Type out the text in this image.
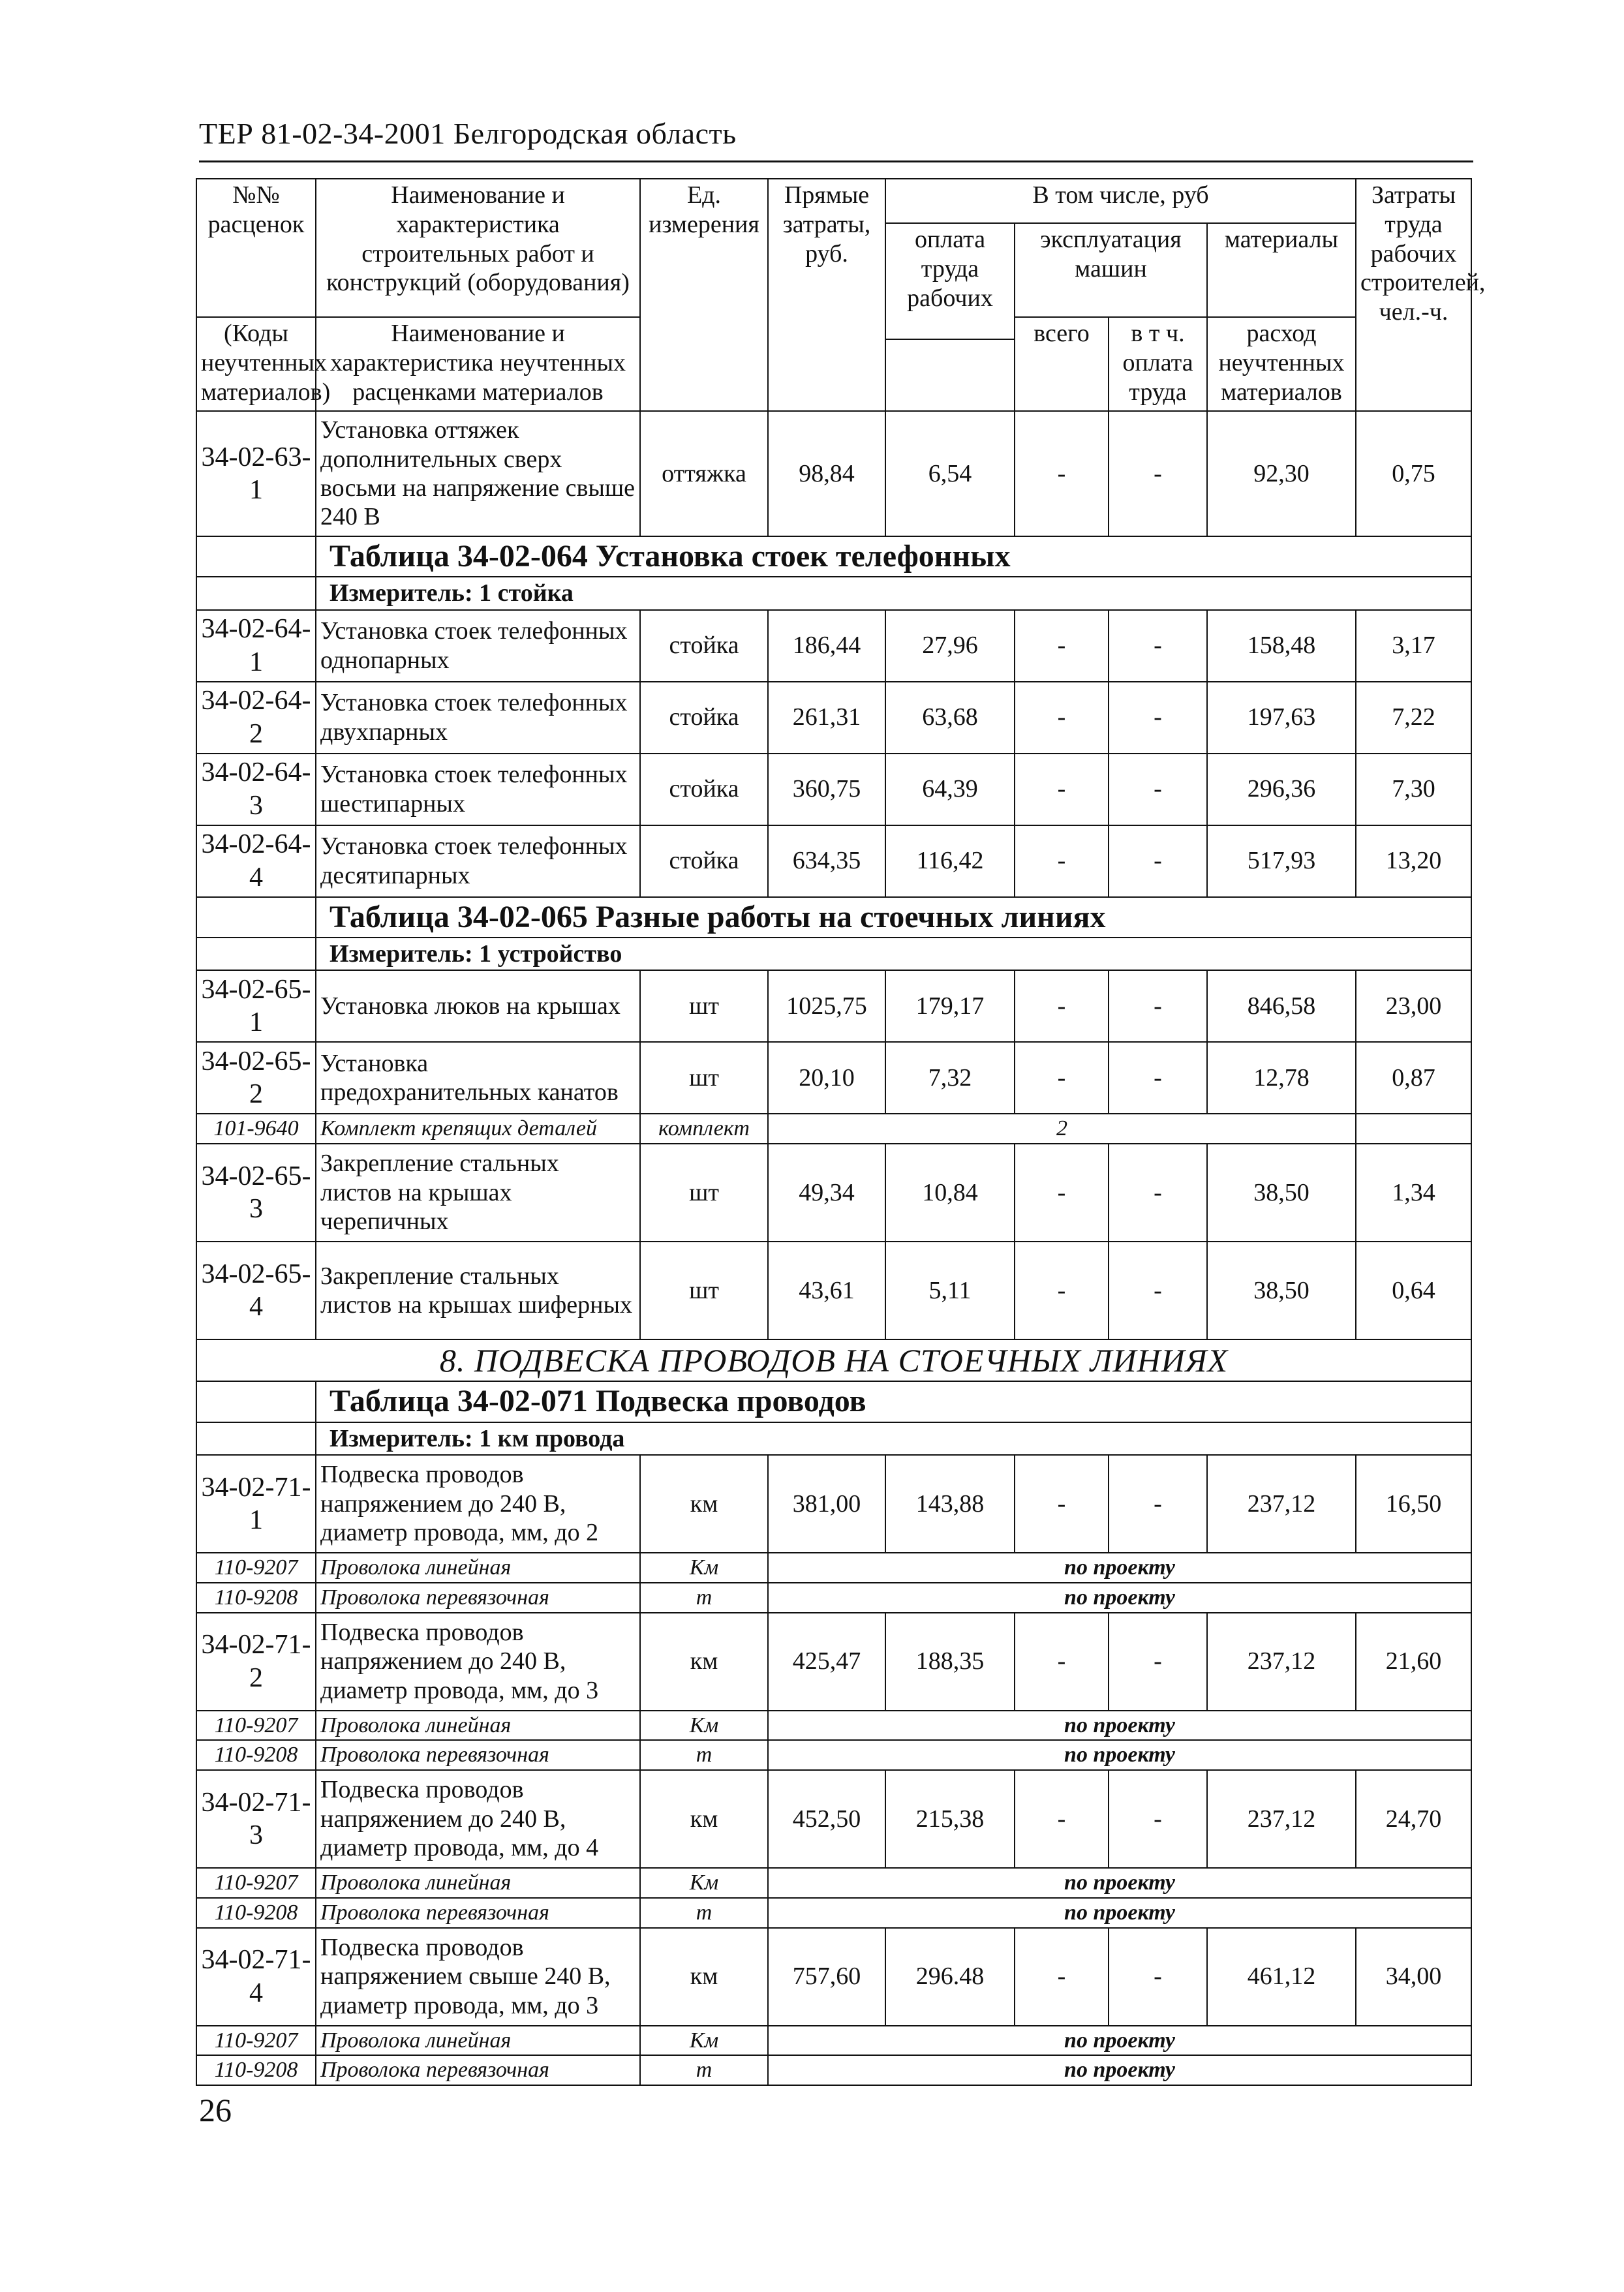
ТЕР 81-02-34-2001 Белгородская область
№№ расценок	Наименование и характеристика строительных работ и конструкций (оборудования)	Ед. измерения	Прямые затраты, руб.	В том числе, руб				Затраты труда рабочих строителей, чел.-ч.
				оплата труда рабочих	эксплуатация машин		материалы	

(Коды неучтенных материалов)	Наименование и характеристика неучтенных расценками материалов				всего	в т ч. оплата труда	расход неучтенных материалов	

34-02-63-1	Установка оттяжек дополнительных сверх восьми на напряжение свыше 240 В	оттяжка	98,84	6,54	-	-	92,30	0,75
	Таблица 34-02-064 Установка стоек телефонных							
	Измеритель: 1 стойка							
34-02-64-1	Установка стоек телефонных однопарных	стойка	186,44	27,96	-	-	158,48	3,17
34-02-64-2	Установка стоек телефонных двухпарных	стойка	261,31	63,68	-	-	197,63	7,22
34-02-64-3	Установка стоек телефонных шестипарных	стойка	360,75	64,39	-	-	296,36	7,30
34-02-64-4	Установка стоек телефонных десятипарных	стойка	634,35	116,42	-	-	517,93	13,20
	Таблица 34-02-065 Разные работы на стоечных линиях							
	Измеритель: 1 устройство							
34-02-65-1	Установка люков на крышах	шт	1025,75	179,17	-	-	846,58	23,00
34-02-65-2	Установка предохранительных канатов	шт	20,10	7,32	-	-	12,78	0,87
101-9640	Комплект крепящих деталей	комплект	2					
34-02-65-3	Закрепление стальных листов на крышах черепичных	шт	49,34	10,84	-	-	38,50	1,34
34-02-65-4	Закрепление стальных листов на крышах шиферных	шт	43,61	5,11	-	-	38,50	0,64
8. ПОДВЕСКА ПРОВОДОВ НА СТОЕЧНЫХ ЛИНИЯХ								
	Таблица 34-02-071 Подвеска проводов							
	Измеритель: 1 км провода							
34-02-71-1	Подвеска проводов напряжением до 240 В, диаметр провода, мм, до 2	км	381,00	143,88	-	-	237,12	16,50
110-9207	Проволока линейная	Км	по проекту					
110-9208	Проволока перевязочная	т	по проекту					
34-02-71-2	Подвеска проводов напряжением до 240 В, диаметр провода, мм, до 3	км	425,47	188,35	-	-	237,12	21,60
110-9207	Проволока линейная	Км	по проекту					
110-9208	Проволока перевязочная	т	по проекту					
34-02-71-3	Подвеска проводов напряжением до 240 В, диаметр провода, мм, до 4	км	452,50	215,38	-	-	237,12	24,70
110-9207	Проволока линейная	Км	по проекту					
110-9208	Проволока перевязочная	т	по проекту					
34-02-71-4	Подвеска проводов напряжением свыше 240 В, диаметр провода, мм, до 3	км	757,60	296.48	-	-	461,12	34,00
110-9207	Проволока линейная	Км	по проекту					
110-9208	Проволока перевязочная	т	по проекту					
26
